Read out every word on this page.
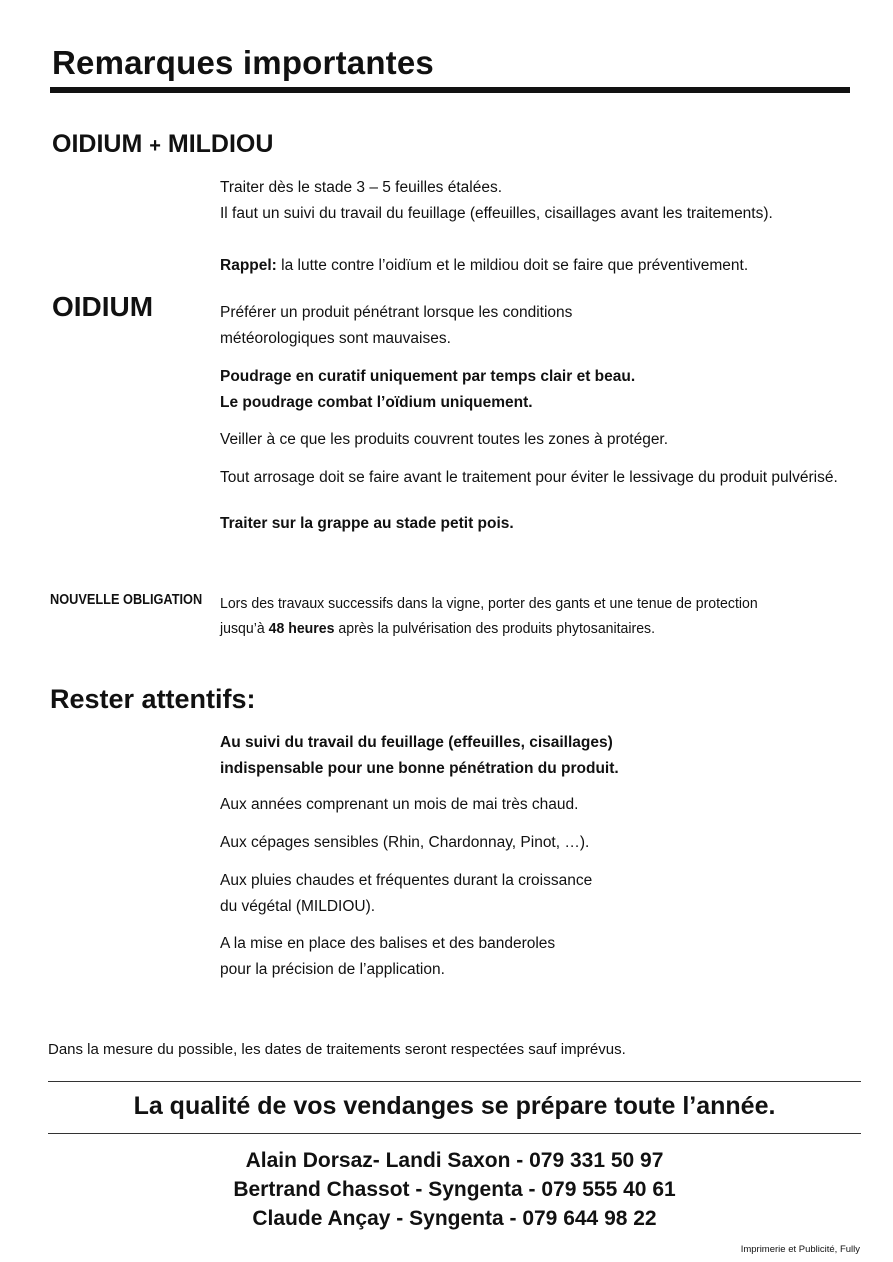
Remarques importantes
OIDIUM + MILDIOU
Traiter dès le stade 3 – 5 feuilles étalées.
Il faut un suivi du travail du feuillage (effeuilles, cisaillages avant les traitements).
Rappel: la lutte contre l’oidïum et le mildiou doit se faire que préventivement.
OIDIUM	Préférer un produit pénétrant lorsque les conditions
météorologiques sont mauvaises.
Poudrage en curatif uniquement par temps clair et beau.
Le poudrage combat l’oïdium uniquement.
Veiller à ce que les produits couvrent toutes les zones à protéger.
Tout arrosage doit se faire avant le traitement pour éviter le lessivage du produit pulvérisé.
Traiter sur la grappe au stade petit pois.
NOUVELLE OBLIGATION Lors des travaux successifs dans la vigne, porter des gants et une tenue de protection
jusqu’à 48 heures après la pulvérisation des produits phytosanitaires.
Rester attentifs:
Au suivi du travail du feuillage (effeuilles, cisaillages)
indispensable pour une bonne pénétration du produit.
Aux années comprenant un mois de mai très chaud.
Aux cépages sensibles (Rhin, Chardonnay, Pinot, …).
Aux pluies chaudes et fréquentes durant la croissance
du végétal (MILDIOU).
A la mise en place des balises et des banderoles
pour la précision de l’application.
Dans la mesure du possible, les dates de traitements seront respectées sauf imprévus.
La qualité de vos vendanges se prépare toute l’année.
Alain Dorsaz- Landi Saxon - 079 331 50 97
Bertrand Chassot - Syngenta - 079 555 40 61
Claude Ançay - Syngenta - 079 644 98 22
Imprimerie et Publicité, Fully
